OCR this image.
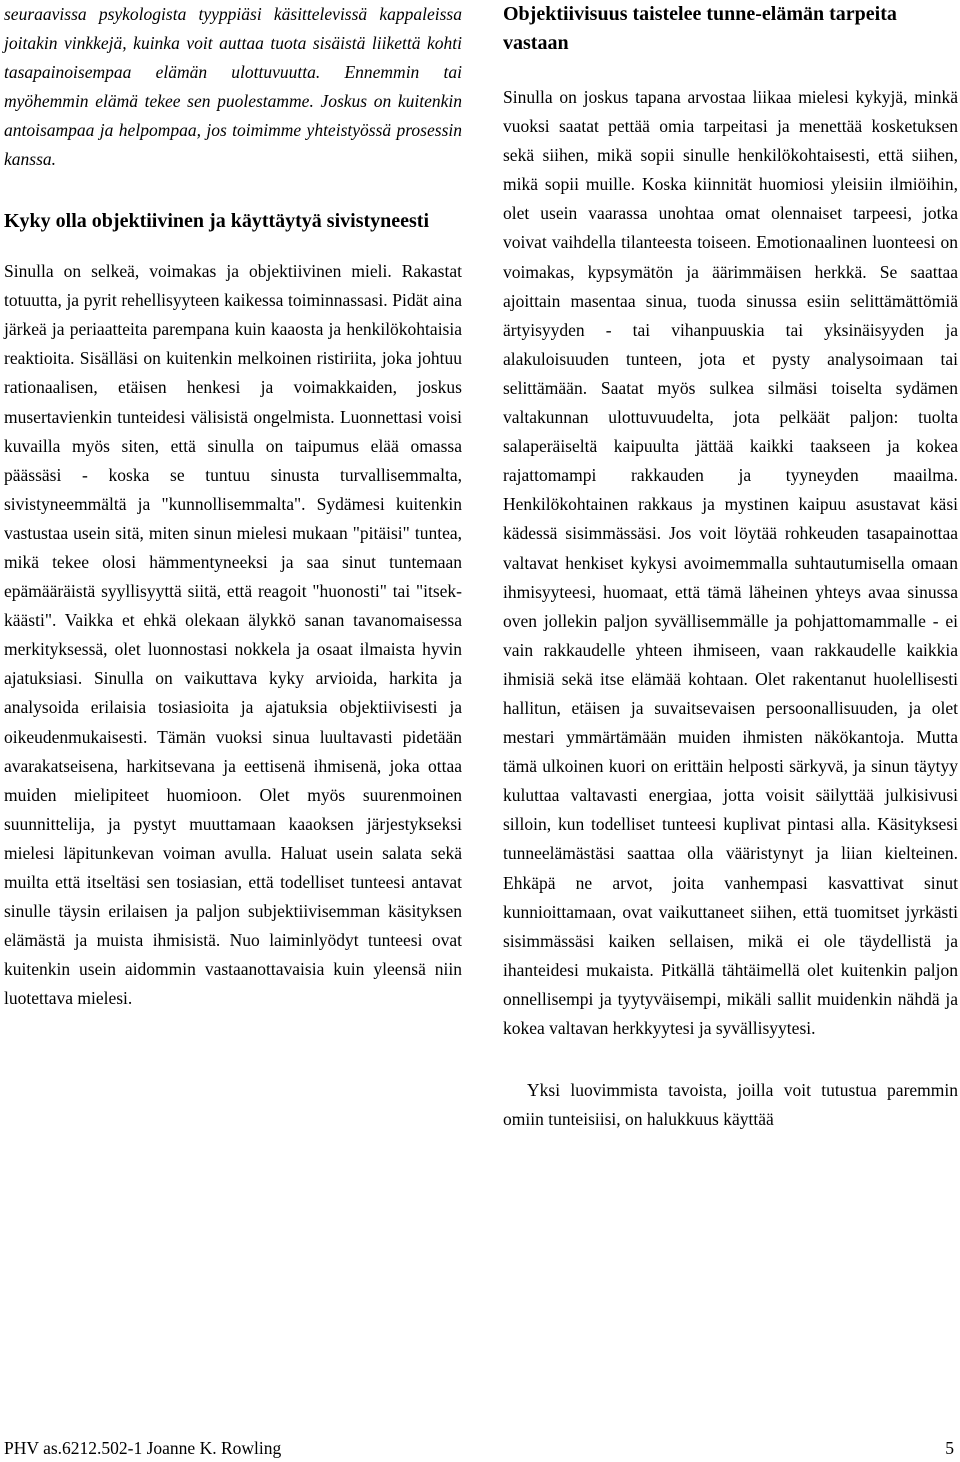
seuraavissa psykologista tyyppiäsi käsittelevissä kappaleissa joitakin vinkkejä, kuinka voit auttaa tuota sisäistä liikettä kohti tasapainoisempaa elämän ulottuvuutta. Ennemmin tai myöhemmin elämä tekee sen puolestamme. Joskus on kuitenkin antoisampaa ja helpompaa, jos toimimme yhteistyössä prosessin kanssa.

Kyky olla objektiivinen ja käyttäytyä sivistyneesti

Sinulla on selkeä, voimakas ja objektiivinen mieli. Rakastat totuutta, ja pyrit rehellisyyteen kaikessa toiminnassasi. Pidät aina järkeä ja periaatteita parempana kuin kaaosta ja henkilökohtaisia reaktioita. Sisälläsi on kuitenkin melkoinen ristiriita, joka johtuu rationaalisen, etäisen henkesi ja voimakkaiden, joskus musertavienkin tunteidesi välisistä ongelmista. Luonnettasi voisi kuvailla myös siten, että sinulla on taipumus elää omassa päässäsi - koska se tuntuu sinusta turvallisemmalta, sivistyneemmältä ja "kunnollisemmalta". Sydämesi kuitenkin vastustaa usein sitä, miten sinun mielesi mukaan "pitäisi" tuntea, mikä tekee olosi hämmentyneeksi ja saa sinut tuntemaan epämääräistä syyllisyyttä siitä, että reagoit "huonosti" tai "itsekkäästi". Vaikka et ehkä olekaan älykkö sanan tavanomaisessa merkityksessä, olet luonnostasi nokkela ja osaat ilmaista hyvin ajatuksiasi. Sinulla on vaikuttava kyky arvioida, harkita ja analysoida erilaisia tosiasioita ja ajatuksia objektiivisesti ja oikeudenmukaisesti. Tämän vuoksi sinua luultavasti pidetään avarakatseisena, harkitsevana ja eettisenä ihmisenä, joka ottaa muiden mielipiteet huomioon. Olet myös suurenmoinen suunnittelija, ja pystyt muuttamaan kaaoksen järjestykseksi mielesi läpitunkevan voiman avulla. Haluat usein salata sekä muilta että itseltäsi sen tosiasian, että todelliset tunteesi antavat sinulle täysin erilaisen ja paljon subjektiivisemman käsityksen elämästä ja muista ihmisistä. Nuo laiminlyödyt tunteesi ovat kuitenkin usein aidommin vastaanottavaisia kuin yleensä niin luotettava mielesi.

Objektiivisuus taistelee tunne-elämän tarpeita vastaan

Sinulla on joskus tapana arvostaa liikaa mielesi kykyjä, minkä vuoksi saatat pettää omia tarpeitasi ja menettää kosketuksen sekä siihen, mikä sopii sinulle henkilökohtaisesti, että siihen, mikä sopii muille. Koska kiinnität huomiosi yleisiin ilmiöihin, olet usein vaarassa unohtaa omat olennaiset tarpeesi, jotka voivat vaihdella tilanteesta toiseen. Emotionaalinen luonteesi on voimakas, kypsymätön ja äärimmäisen herkkä. Se saattaa ajoittain masentaa sinua, tuoda sinussa esiin selittämättömiä ärtyisyyden - tai vihanpuuskia tai yksinäisyyden ja alakuloisuuden tunteen, jota et pysty analysoimaan tai selittämään. Saatat myös sulkea silmäsi toiselta sydämen valtakunnan ulottuvuudelta, jota pelkäät paljon: tuolta salaperäiseltä kaipuulta jättää kaikki taakseen ja kokea rajattomampi rakkauden ja tyyneyden maailma. Henkilökohtainen rakkaus ja mystinen kaipuu asustavat käsi kädessä sisimmässäsi. Jos voit löytää rohkeuden tasapainottaa valtavat henkiset kykysi avoimemmalla suhtautumisella omaan ihmisyyteesi, huomaat, että tämä läheinen yhteys avaa sinussa oven jollekin paljon syvällisemmälle ja pohjattomammalle - ei vain rakkaudelle yhteen ihmiseen, vaan rakkaudelle kaikkia ihmisiä sekä itse elämää kohtaan. Olet rakentanut huolellisesti hallitun, etäisen ja suvaitsevaisen persoonallisuuden, ja olet mestari ymmärtämään muiden ihmisten näkökantoja. Mutta tämä ulkoinen kuori on erittäin helposti särkyvä, ja sinun täytyy kuluttaa valtavasti energiaa, jotta voisit säilyttää julkisivusi silloin, kun todelliset tunteesi kuplivat pintasi alla. Käsityksesi tunneelämästäsi saattaa olla vääristynyt ja liian kielteinen. Ehkäpä ne arvot, joita vanhempasi kasvattivat sinut kunnioittamaan, ovat vaikuttaneet siihen, että tuomitset jyrkästi sisimmässäsi kaiken sellaisen, mikä ei ole täydellistä ja ihanteidesi mukaista. Pitkällä tähtäimellä olet kuitenkin paljon onnellisempi ja tyytyväisempi, mikäli sallit muidenkin nähdä ja kokea valtavan herkkyytesi ja syvällisyytesi.

Yksi luovimmista tavoista, joilla voit tutustua paremmin omiin tunteisiisi, on halukkuus käyttää

PHV as.6212.502-1 Joanne K. Rowling	5
